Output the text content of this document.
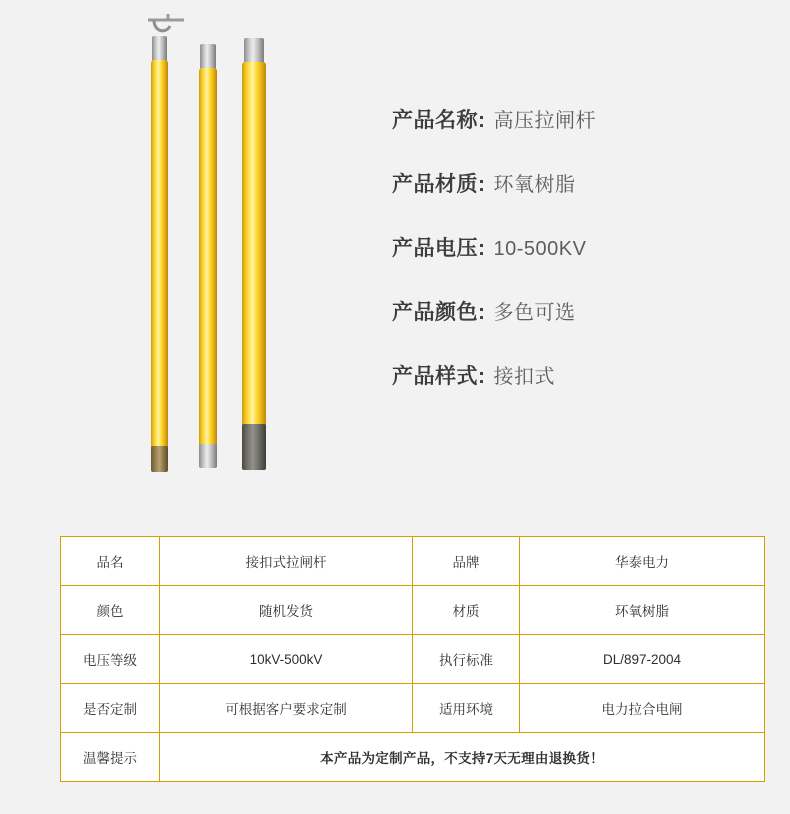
产品名称: 高压拉闸杆
产品材质: 环氧树脂
产品电压: 10-500KV
产品颜色: 多色可选
产品样式: 接扣式
品名	接扣式拉闸杆	品牌	华泰电力
颜色	随机发货	材质	环氧树脂
电压等级	10kV-500kV	执行标准	DL/897-2004
是否定制	可根据客户要求定制	适用环境	电力拉合电闸
温馨提示	本产品为定制产品，不支持7天无理由退换货！		
